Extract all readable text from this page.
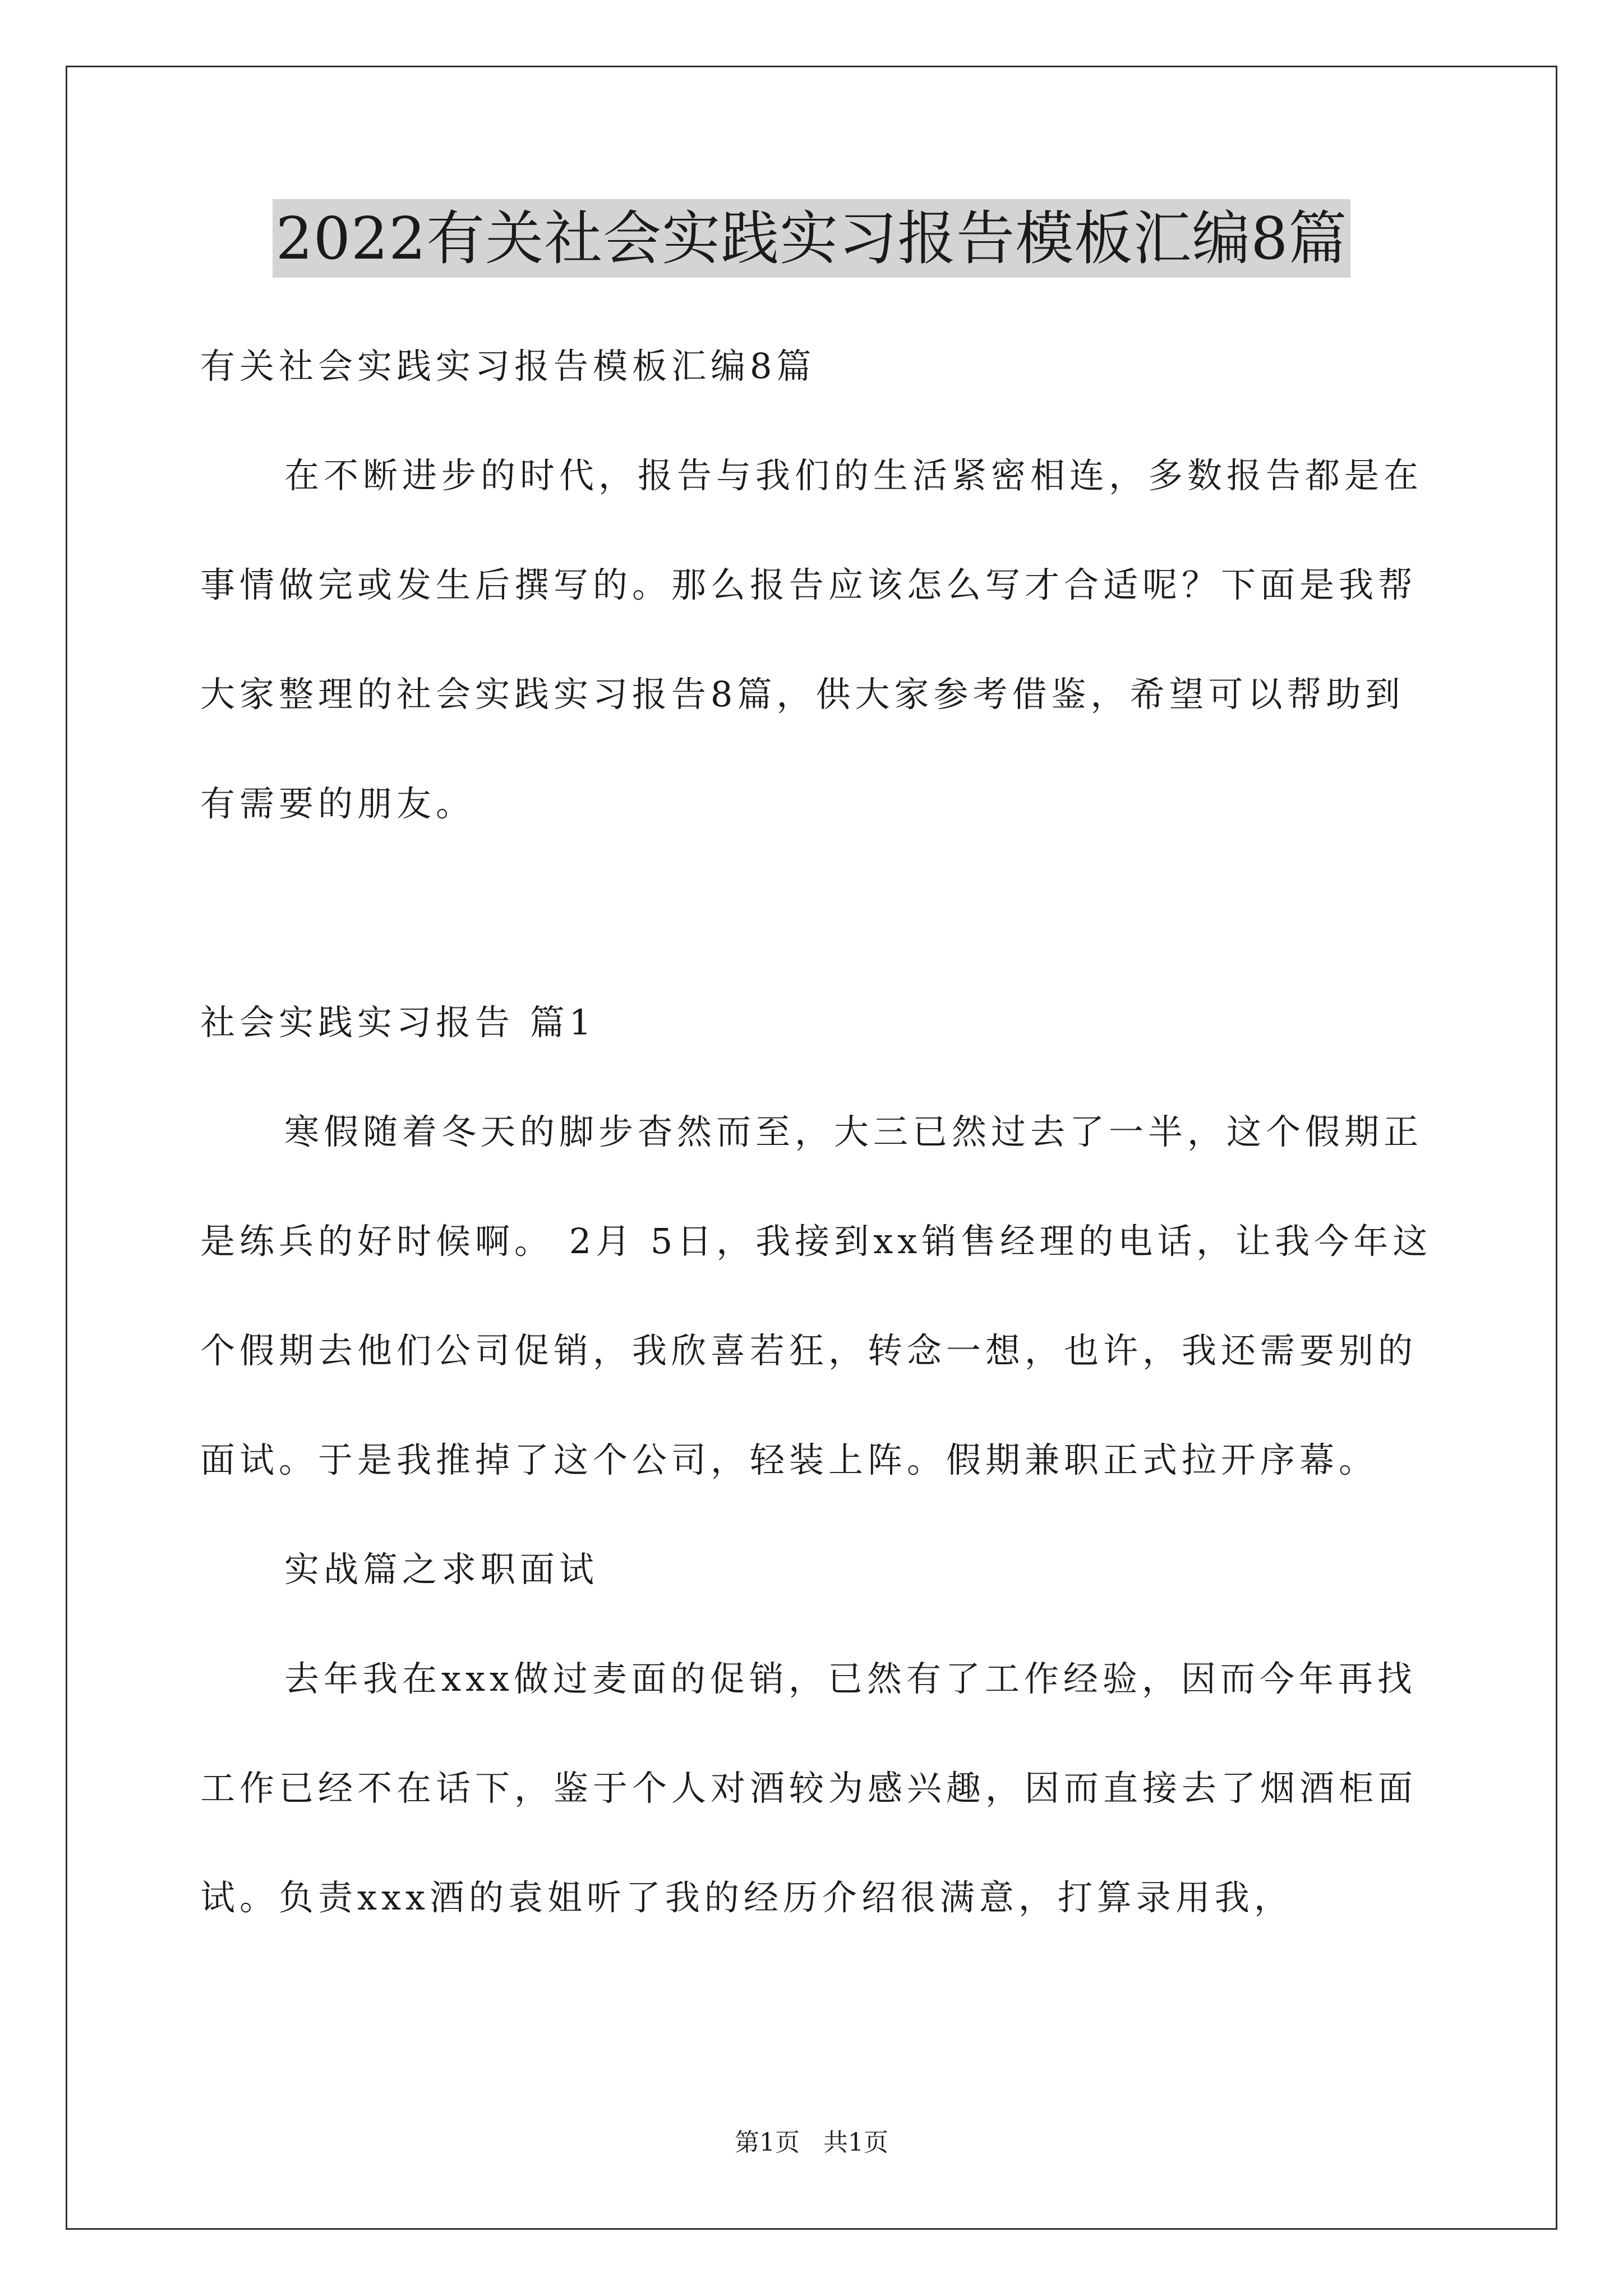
2022有关社会实践实习报告模板汇编8篇

有关社会实践实习报告模板汇编8篇

在不断进步的时代，报告与我们的生活紧密相连，多数报告都是在事情做完或发生后撰写的。那么报告应该怎么写才合适呢？下面是我帮大家整理的社会实践实习报告8篇，供大家参考借鉴，希望可以帮助到有需要的朋友。

社会实践实习报告 篇1

寒假随着冬天的脚步杳然而至，大三已然过去了一半，这个假期正是练兵的好时候啊。 2月 5日，我接到xx销售经理的电话，让我今年这个假期去他们公司促销，我欣喜若狂，转念一想，也许，我还需要别的面试。于是我推掉了这个公司，轻装上阵。假期兼职正式拉开序幕。

实战篇之求职面试

去年我在xxx做过麦面的促销，已然有了工作经验，因而今年再找工作已经不在话下，鉴于个人对酒较为感兴趣，因而直接去了烟酒柜面试。负责xxx酒的袁姐听了我的经历介绍很满意，打算录用我，

第1页 共1页
